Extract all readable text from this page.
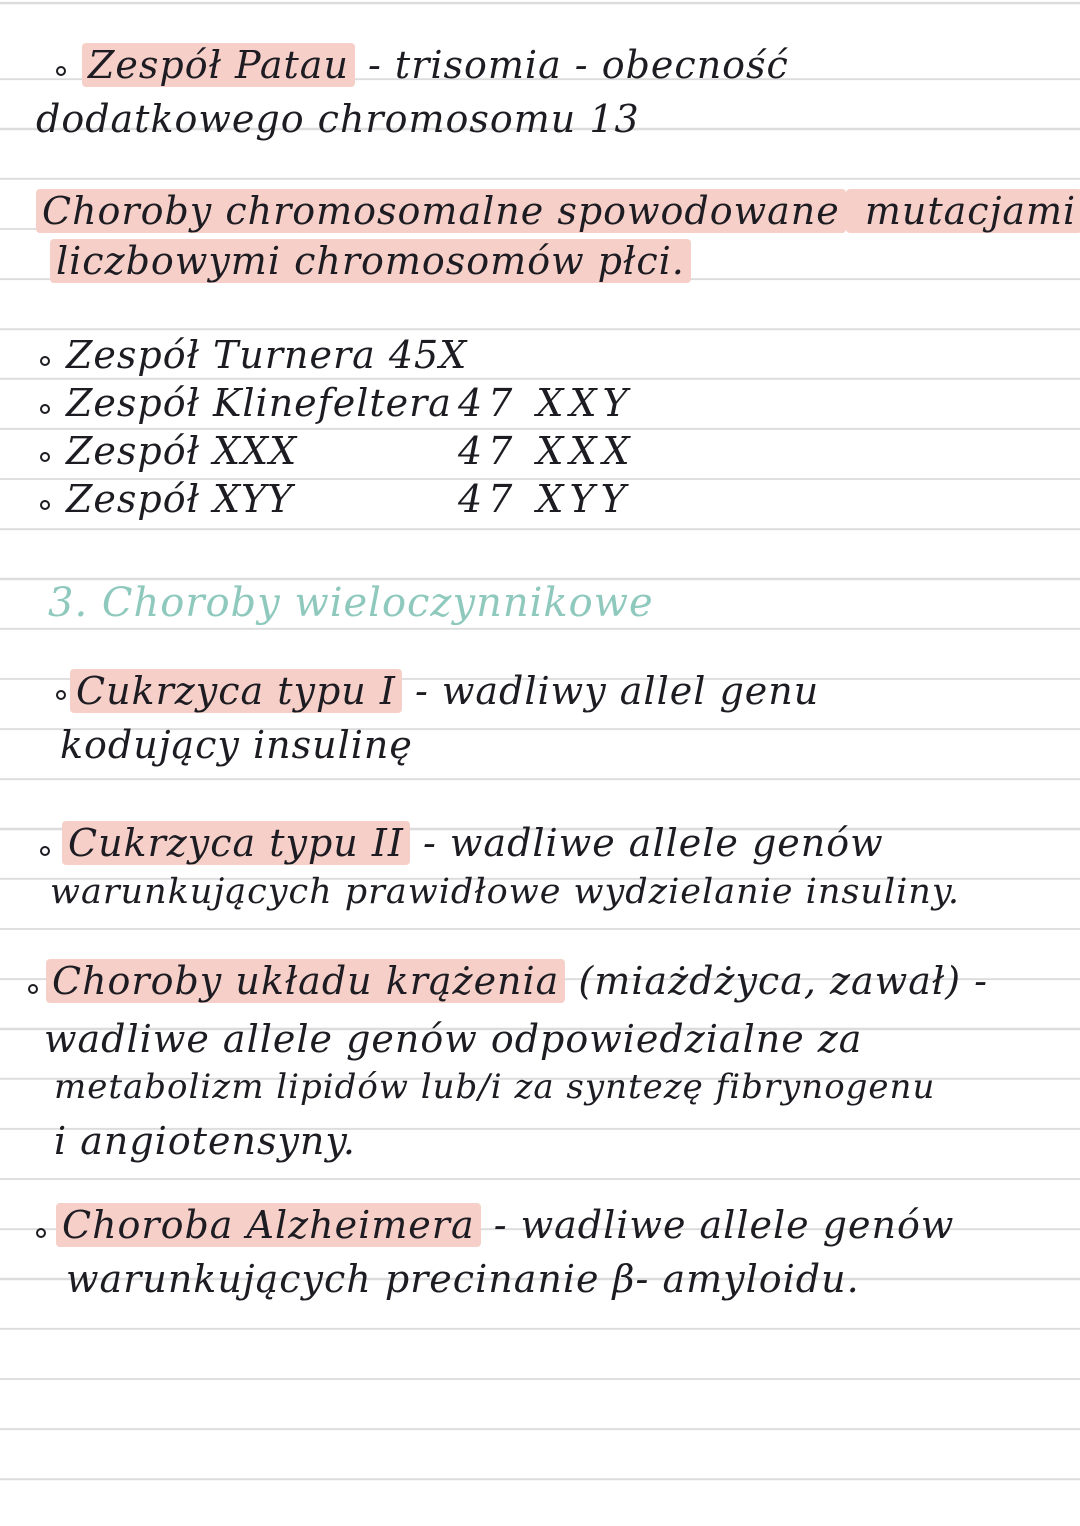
Zespół Patau - trisomia - obecność
dodatkowego chromosomu 13
Choroby chromosomalne spowodowane mutacjami
liczbowymi chromosomów płci.
Zespół Turnera 45X
Zespół Klinefeltera 47 XXY
Zespół XXX	47 XXX
Zespół XYY	47 XYY
3. Choroby wieloczynnikowe
Cukrzyca typu I - wadliwy allel genu
kodujący insulinę
Cukrzyca typu II - wadliwe allele genów
warunkujących prawidłowe wydzielanie insuliny.
Choroby układu krążenia (miażdżyca, zawał) -
wadliwe allele genów odpowiedzialne za
metabolizm lipidów lub/i za syntezę fibrynogenu
i angiotensyny.
Choroba Alzheimera - wadliwe allele genów
warunkujących precinanie β- amyloidu.
